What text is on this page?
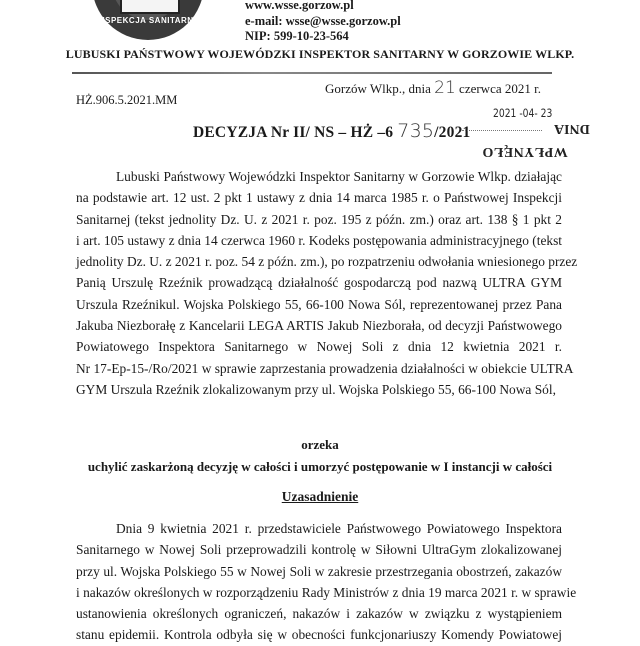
INSPEKCJA SANITARNA
www.wsse.gorzow.pl
e-mail: wsse@wsse.gorzow.pl
NIP: 599-10-23-564
LUBUSKI PAŃSTWOWY WOJEWÓDZKI INSPEKTOR SANITARNY W GORZOWIE WLKP.
Gorzów Wlkp., dnia 21 czerwca 2021 r.
HŻ.906.5.2021.MM
DECYZJA Nr II/ NS – HŻ –6 735/2021
2021 -04- 23
DNIA
WPŁYNĘŁO
Lubuski Państwowy Wojewódzki Inspektor Sanitarny w Gorzowie Wlkp. działając
na podstawie art. 12 ust. 2 pkt 1 ustawy z dnia 14 marca 1985 r. o Państwowej Inspekcji
Sanitarnej (tekst jednolity Dz. U. z 2021 r. poz. 195 z późn. zm.) oraz art. 138 § 1 pkt 2
i art. 105 ustawy z dnia 14 czerwca 1960 r. Kodeks postępowania administracyjnego (tekst
jednolity Dz. U. z 2021 r. poz. 54 z późn. zm.), po rozpatrzeniu odwołania wniesionego przez
Panią Urszulę Rzeźnik prowadzącą działalność gospodarczą pod nazwą ULTRA GYM
Urszula Rzeźnikul. Wojska Polskiego 55, 66-100 Nowa Sól, reprezentowanej przez Pana
Jakuba Niezborałę z Kancelarii LEGA ARTIS Jakub Niezborała, od decyzji Państwowego
Powiatowego Inspektora Sanitarnego w Nowej Soli z dnia 12 kwietnia 2021 r.
Nr 17-Ep-15-/Ro/2021 w sprawie zaprzestania prowadzenia działalności w obiekcie ULTRA
GYM Urszula Rzeźnik zlokalizowanym przy ul. Wojska Polskiego 55, 66-100 Nowa Sól,
orzeka
uchylić zaskarżoną decyzję w całości i umorzyć postępowanie w I instancji w całości
Uzasadnienie
Dnia 9 kwietnia 2021 r. przedstawiciele Państwowego Powiatowego Inspektora
Sanitarnego w Nowej Soli przeprowadzili kontrolę w Siłowni UltraGym zlokalizowanej
przy ul. Wojska Polskiego 55 w Nowej Soli w zakresie przestrzegania obostrzeń, zakazów
i nakazów określonych w rozporządzeniu Rady Ministrów z dnia 19 marca 2021 r. w sprawie
ustanowienia określonych ograniczeń, nakazów i zakazów w związku z wystąpieniem
stanu epidemii. Kontrola odbyła się w obecności funkcjonariuszy Komendy Powiatowej
